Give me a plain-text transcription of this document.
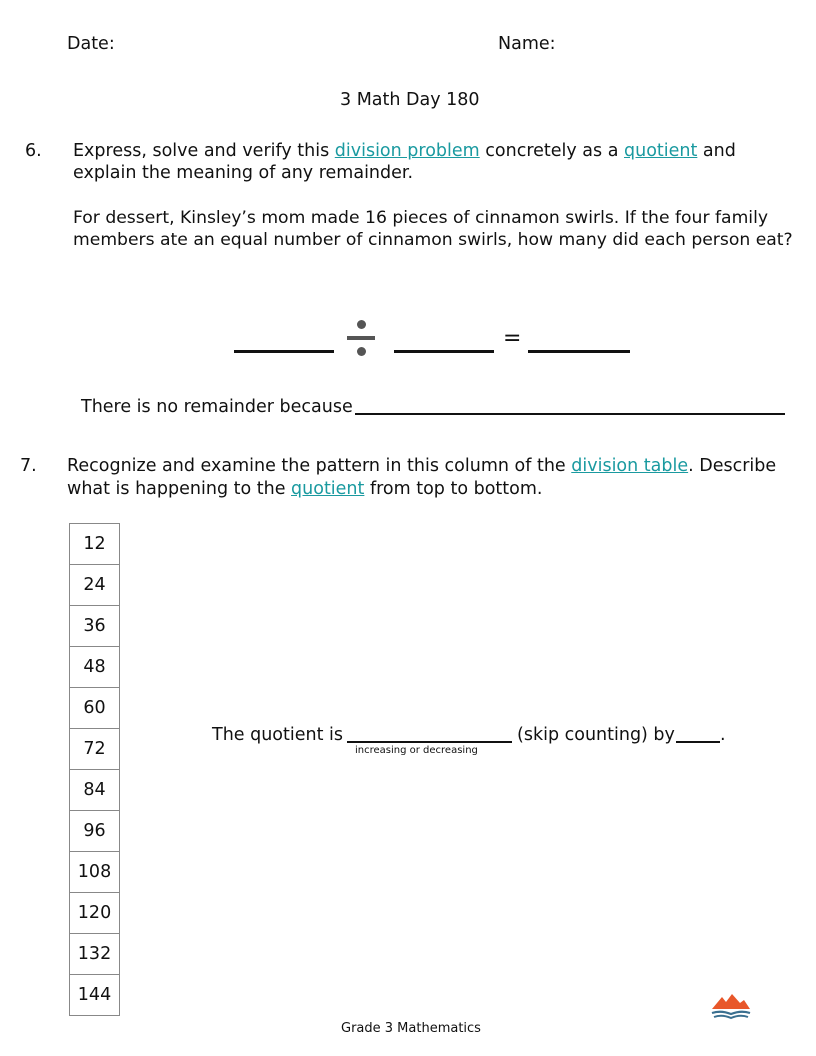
Date:	Name:
3 Math Day 180
6. Express, solve and verify this division problem concretely as a quotient and
explain the meaning of any remainder.
For dessert, Kinsley’s mom made 16 pieces of cinnamon swirls. If the four family
members ate an equal number of cinnamon swirls, how many did each person eat?
=
There is no remainder because
7. Recognize and examine the pattern in this column of the division table. Describe
what is happening to the quotient from top to bottom.
12
24
36
48
60
72
84
96
108
120
132
144
The quotient is	(skip counting) by	.
increasing or decreasing
Grade 3 Mathematics
